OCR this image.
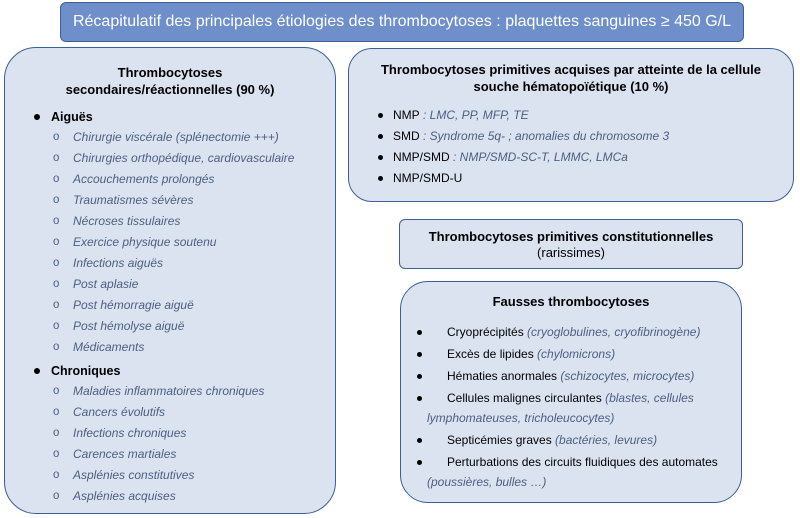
Récapitulatif des principales étiologies des thrombocytoses : plaquettes sanguines ≥ 450 G/L
Thrombocytoses
secondaires/réactionnelles (90 %)
Aiguës
o Chirurgie viscérale (splénectomie +++)
o Chirurgies orthopédique, cardiovasculaire
o Accouchements prolongés
o Traumatismes sévères
o Nécroses tissulaires
o Exercice physique soutenu
o Infections aiguës
o Post aplasie
o Post hémorragie aiguë
o Post hémolyse aiguë
o Médicaments
Chroniques
o Maladies inflammatoires chroniques
o Cancers évolutifs
o Infections chroniques
o Carences martiales
o Asplénies constitutives
o Asplénies acquises
Thrombocytoses primitives acquises par atteinte de la cellule
souche hématopoïétique (10 %)
NMP : LMC, PP, MFP, TE
SMD : Syndrome 5q- ; anomalies du chromosome 3
NMP/SMD : NMP/SMD-SC-T, LMMC, LMCa
NMP/SMD-U
Thrombocytoses primitives constitutionnelles
(rarissimes)
Fausses thrombocytoses
Cryoprécipités (cryoglobulines, cryofibrinogène)
Excès de lipides (chylomicrons)
Hématies anormales (schizocytes, microcytes)
Cellules malignes circulantes (blastes, cellules lymphomateuses, tricholeucocytes)
Septicémies graves (bactéries, levures)
Perturbations des circuits fluidiques des automates
(poussières, bulles …)
